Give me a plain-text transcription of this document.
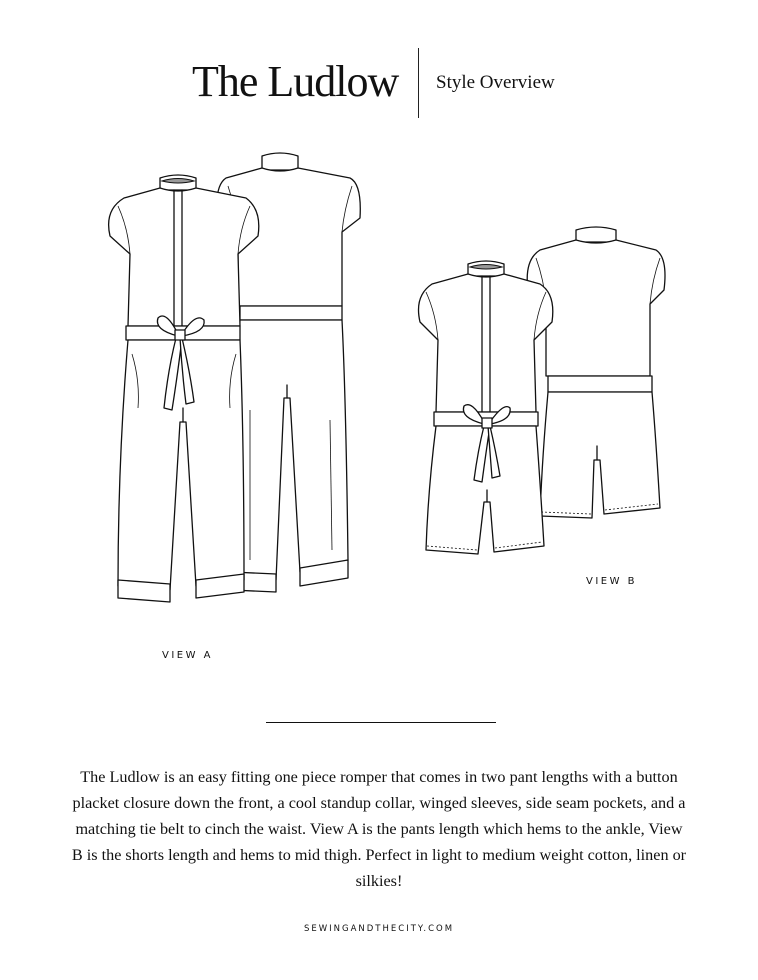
The Ludlow Style Overview
VIEW B
VIEW A

The Ludlow is an easy fitting one piece romper that comes in two pant lengths with a button placket closure down the front, a cool standup collar, winged sleeves, side seam pockets, and a matching tie belt to cinch the waist. View A is the pants length which hems to the ankle, View B is the shorts length and hems to mid thigh. Perfect in light to medium weight cotton, linen or silkies!

SEWINGANDTHECITY.COM
